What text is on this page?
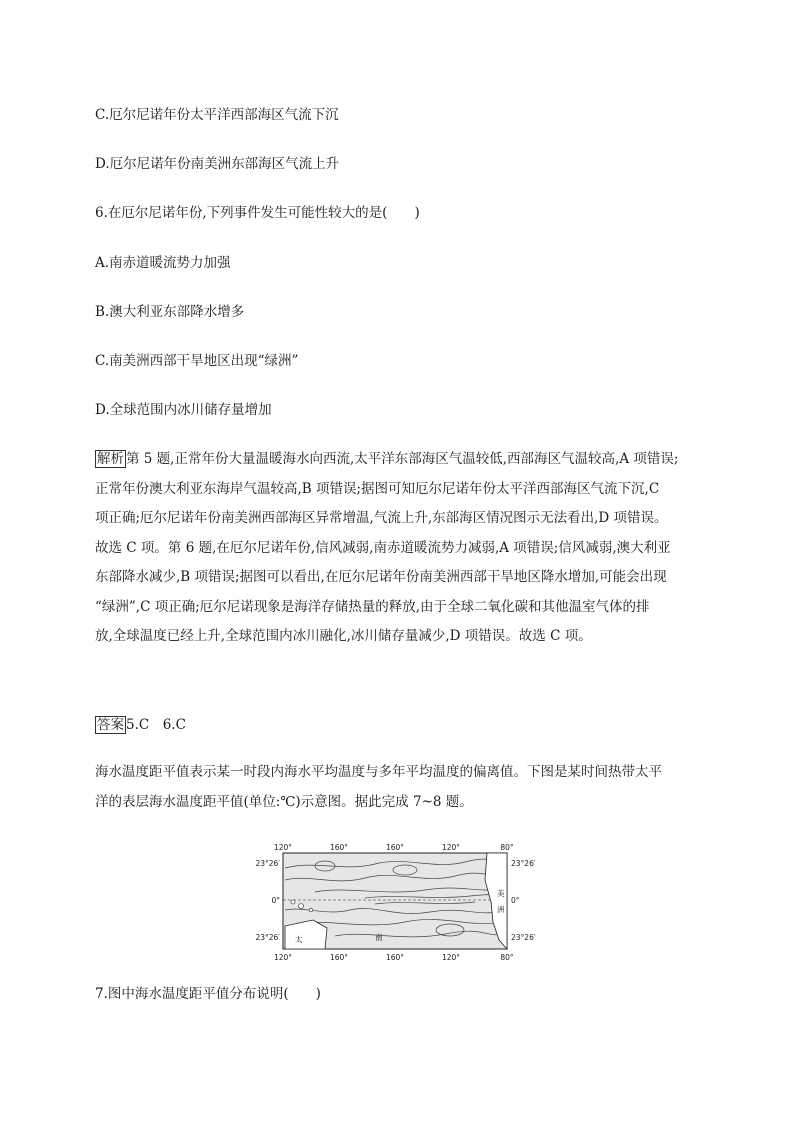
C.厄尔尼诺年份太平洋西部海区气流下沉
D.厄尔尼诺年份南美洲东部海区气流上升
6.在厄尔尼诺年份,下列事件发生可能性较大的是(　　)
A.南赤道暖流势力加强
B.澳大利亚东部降水增多
C.南美洲西部干旱地区出现“绿洲”
D.全球范围内冰川储存量增加

解析 第 5 题,正常年份大量温暖海水向西流,太平洋东部海区气温较低,西部海区气温较高,A 项错误;

正常年份澳大利亚东海岸气温较高,B 项错误;据图可知厄尔尼诺年份太平洋西部海区气流下沉,C

项正确;厄尔尼诺年份南美洲西部海区异常增温,气流上升,东部海区情况图示无法看出,D 项错误。

故选 C 项。第 6 题,在厄尔尼诺年份,信风减弱,南赤道暖流势力减弱,A 项错误;信风减弱,澳大利亚

东部降水减少,B 项错误;据图可以看出,在厄尔尼诺年份南美洲西部干旱地区降水增加,可能会出现

“绿洲”,C 项正确;厄尔尼诺现象是海洋存储热量的释放,由于全球二氧化碳和其他温室气体的排

放,全球温度已经上升,全球范围内冰川融化,冰川储存量减少,D 项错误。故选 C 项。

答案 5.C　6.C

海水温度距平值表示某一时段内海水平均温度与多年平均温度的偏离值。下图是某时间热带太平

洋的表层海水温度距平值(单位:℃)示意图。据此完成 7~8 题。

120°	160°	160°	120°	80°
120°	160°	160°	120°	80°
23°26′
0°
23°26′
23°26′
0°
23°26′
太	南
美
洲
7.图中海水温度距平值分布说明(　　)
